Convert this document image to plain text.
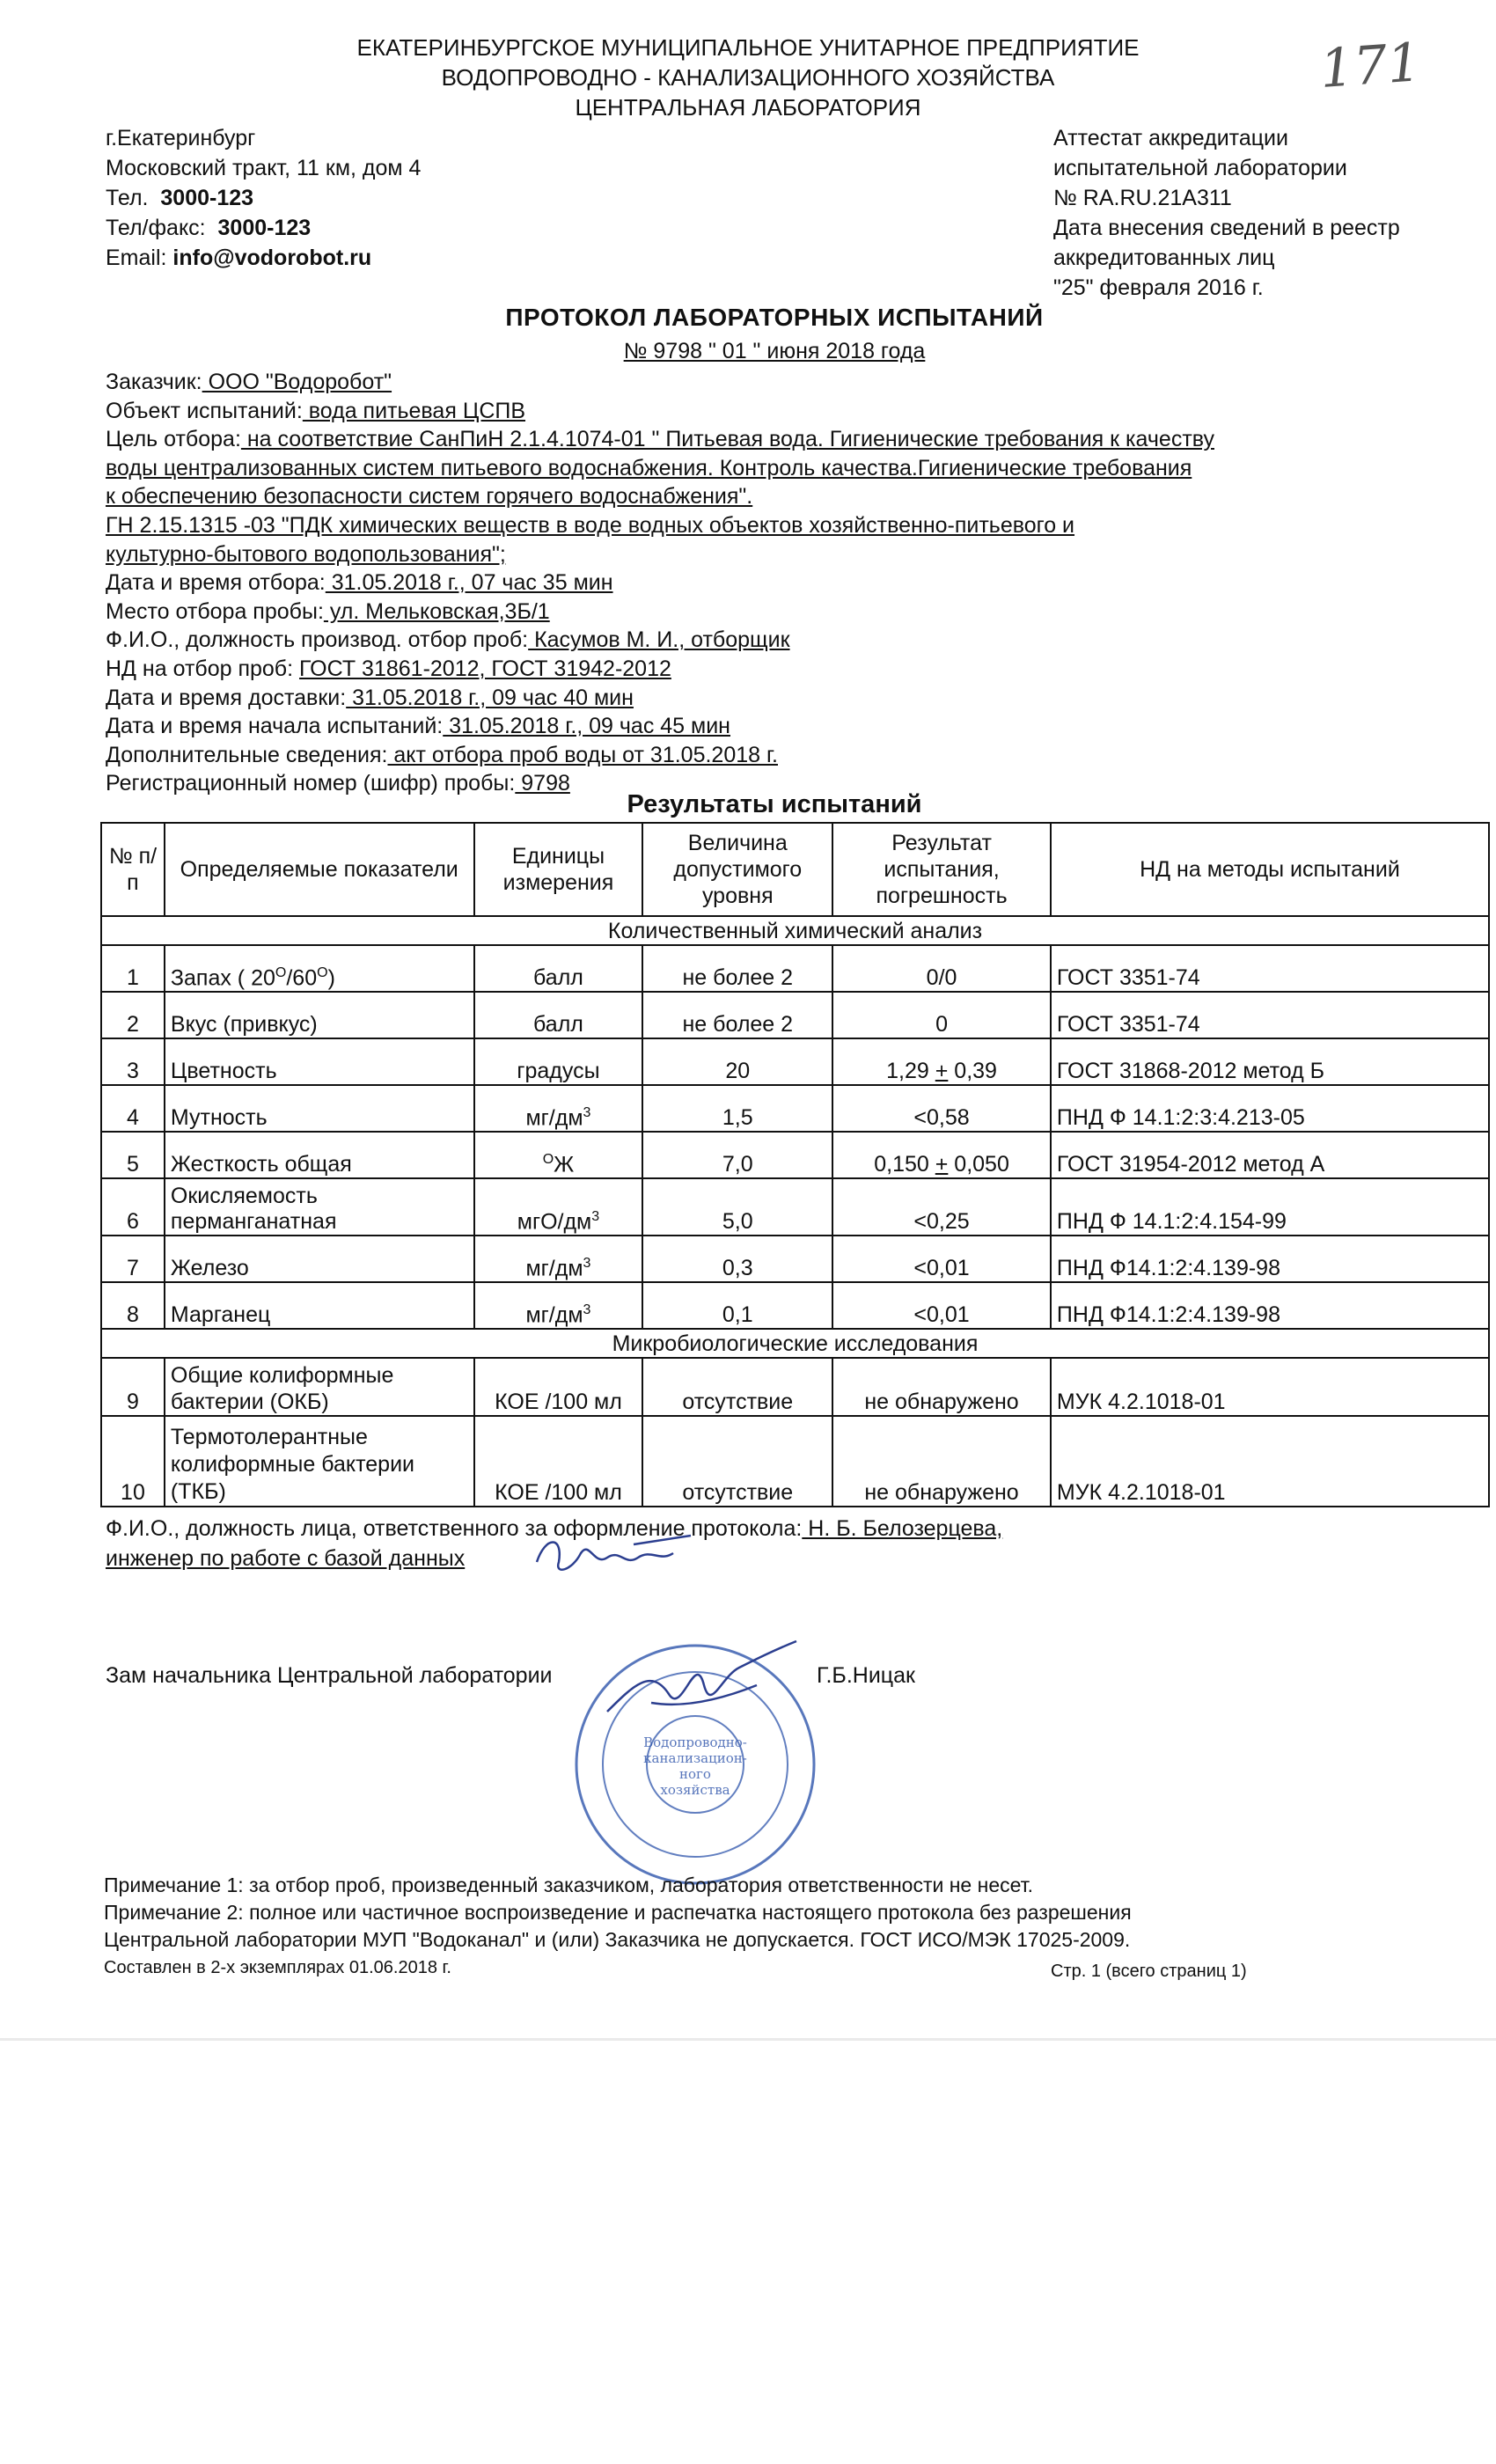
ЕКАТЕРИНБУРГСКОЕ МУНИЦИПАЛЬНОЕ УНИТАРНОЕ ПРЕДПРИЯТИЕ
ВОДОПРОВОДНО - КАНАЛИЗАЦИОННОГО ХОЗЯЙСТВА
ЦЕНТРАЛЬНАЯ ЛАБОРАТОРИЯ
171
г.Екатеринбург
Московский тракт, 11 км, дом 4
Тел. 3000-123
Тел/факс: 3000-123
Email: info@vodorobot.ru
Аттестат аккредитации
испытательной лаборатории
№ RA.RU.21A311
Дата внесения сведений в реестр
аккредитованных лиц
"25" февраля 2016 г.
ПРОТОКОЛ ЛАБОРАТОРНЫХ ИСПЫТАНИЙ
№ 9798 " 01 " июня 2018 года
Заказчик: ООО "Водоробот"
Объект испытаний: вода питьевая ЦСПВ
Цель отбора: на соответствие СанПиН 2.1.4.1074-01 " Питьевая вода. Гигиенические требования к качеству
воды централизованных систем питьевого водоснабжения. Контроль качества.Гигиенические требования
к обеспечению безопасности систем горячего водоснабжения".
ГН 2.15.1315 -03 "ПДК химических веществ в воде водных объектов хозяйственно-питьевого и
культурно-бытового водопользования";
Дата и время отбора: 31.05.2018 г., 07 час 35 мин
Место отбора пробы: ул. Мельковская,3Б/1
Ф.И.О., должность производ. отбор проб: Касумов М. И., отборщик
НД на отбор проб: ГОСТ 31861-2012, ГОСТ 31942-2012
Дата и время доставки: 31.05.2018 г., 09 час 40 мин
Дата и время начала испытаний: 31.05.2018 г., 09 час 45 мин
Дополнительные сведения: акт отбора проб воды от 31.05.2018 г.
Регистрационный номер (шифр) пробы: 9798
Результаты испытаний
№ п/п	Определяемые показатели	Единицы измерения	Величина допустимого уровня	Результат испытания, погрешность	НД на методы испытаний
Количественный химический анализ					
1	Запах ( $20^О/60^О$)	балл	не более 2	0/0	ГОСТ 3351-74
2	Вкус (привкус)	балл	не более 2	0	ГОСТ 3351-74
3	Цветность	градусы	20	1,29 + 0,39	ГОСТ 31868-2012 метод Б
4	Мутность	$мг/дм^3$	1,5	<0,58	ПНД Ф 14.1:2:3:4.213-05
5	Жесткость общая	$^О$Ж	7,0	0,150 + 0,050	ГОСТ 31954-2012 метод А
6	Окисляемость
перманганатная	мгО/$дм^3$	5,0	<0,25	ПНД Ф 14.1:2:4.154-99
7	Железо	$мг/дм^3$	0,3	<0,01	ПНД Ф14.1:2:4.139-98
8	Марганец	$мг/дм^3$	0,1	<0,01	ПНД Ф14.1:2:4.139-98
Микробиологические исследования					
9	Общие колиформные
бактерии (ОКБ)	КОЕ /100 мл	отсутствие	не обнаружено	МУК 4.2.1018-01
10	Термотолерантные
колиформные бактерии
(ТКБ)	КОЕ /100 мл	отсутствие	не обнаружено	МУК 4.2.1018-01
Ф.И.О., должность лица, ответственного за оформление протокола: Н. Б. Белозерцева,
инженер по работе с базой данных
Зам начальника Центральной лаборатории	Г.Б.Ницак
Водопроводно-
канализацион-
ного
хозяйства
Примечание 1: за отбор проб, произведенный заказчиком, лаборатория ответственности не несет.
Примечание 2: полное или частичное воспроизведение и распечатка настоящего протокола без разрешения
Центральной лаборатории МУП "Водоканал" и (или) Заказчика не допускается. ГОСТ ИСО/МЭК 17025-2009.
Составлен в 2-х экземплярах 01.06.2018 г.	Стр. 1 (всего страниц 1)
